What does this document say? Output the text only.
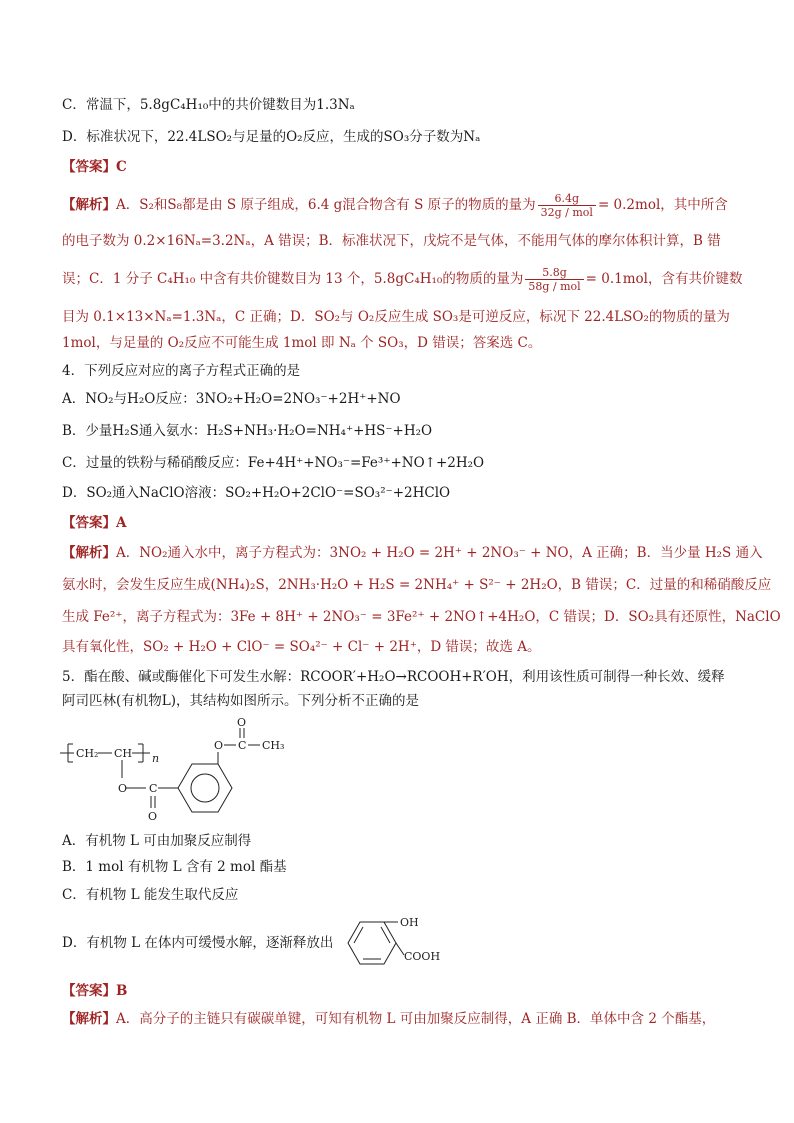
C．常温下，5.8gC₄H₁₀中的共价键数目为1.3Nₐ
D．标准状况下，22.4LSO₂与足量的O₂反应，生成的SO₃分子数为Nₐ
【答案】C
【解析】A．S₂和S₈都是由 S 原子组成，6.4 g混合物含有 S 原子的物质的量为 $\frac{6.4g}{\text{32g / mol}} = 0.2mol$，其中所含
的电子数为 0.2×16Nₐ=3.2Nₐ，A 错误；B．标准状况下，戊烷不是气体，不能用气体的摩尔体积计算，B 错
误；C．1 分子 C₄H₁₀ 中含有共价键数目为 13 个，5.8gC₄H₁₀的物质的量为 $\frac{5.8g}{\text{58g / mol}} = 0.1mol$，含有共价键数
目为 0.1×13×Nₐ=1.3Nₐ，C 正确；D．SO₂与 O₂反应生成 SO₃是可逆反应，标况下 22.4LSO₂的物质的量为
1mol，与足量的 O₂反应不可能生成 1mol 即 Nₐ 个 SO₃，D 错误；答案选 C。
4．下列反应对应的离子方程式正确的是
A．NO₂与H₂O反应：3NO₂+H₂O=2NO₃⁻+2H⁺+NO
B．少量H₂S通入氨水：H₂S+NH₃·H₂O=NH₄⁺+HS⁻+H₂O
C．过量的铁粉与稀硝酸反应：Fe+4H⁺+NO₃⁻=Fe³⁺+NO↑+2H₂O
D．SO₂通入NaClO溶液：SO₂+H₂O+2ClO⁻=SO₃²⁻+2HClO
【答案】A
【解析】A．NO₂通入水中，离子方程式为：3NO₂ + H₂O = 2H⁺ + 2NO₃⁻ + NO，A 正确；B．当少量 H₂S 通入
氨水时，会发生反应生成(NH₄)₂S，2NH₃·H₂O + H₂S = 2NH₄⁺ + S²⁻ + 2H₂O，B 错误；C．过量的和稀硝酸反应
生成 Fe²⁺，离子方程式为：3Fe + 8H⁺ + 2NO₃⁻ = 3Fe²⁺ + 2NO↑+4H₂O，C 错误；D．SO₂具有还原性，NaClO
具有氧化性，SO₂ + H₂O + ClO⁻ = SO₄²⁻ + Cl⁻ + 2H⁺，D 错误；故选 A。
5．酯在酸、碱或酶催化下可发生水解：RCOOR′+H₂O→RCOOH+R′OH，利用该性质可制得一种长效、缓释
阿司匹林(有机物L)，其结构如图所示。下列分析不正确的是
CH₂ CH n
O C
O
O C
O
CH₃
A．有机物 L 可由加聚反应制得
B．1 mol 有机物 L 含有 2 mol 酯基
C．有机物 L 能发生取代反应
D．有机物 L 在体内可缓慢水解，逐渐释放出
OH
COOH
【答案】B
【解析】A．高分子的主链只有碳碳单键，可知有机物 L 可由加聚反应制得，A 正确 B．单体中含 2 个酯基，
